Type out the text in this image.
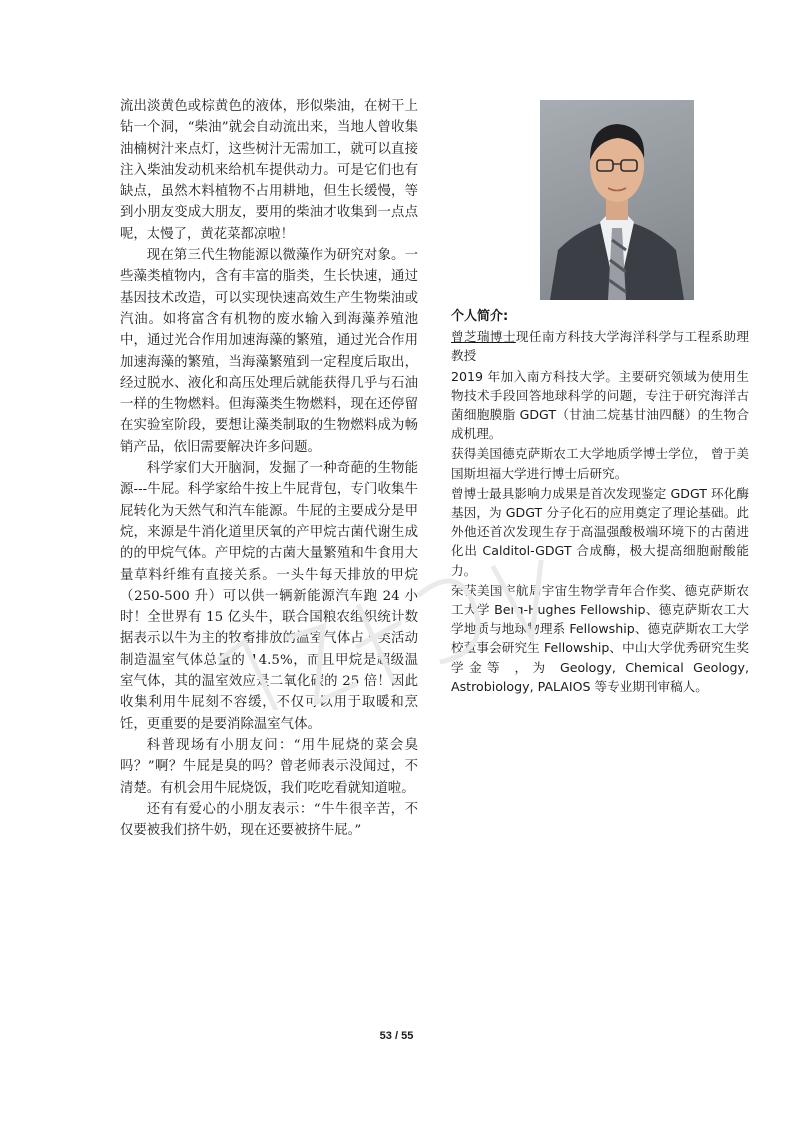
流出淡黄色或棕黄色的液体，形似柴油，在树干上钻一个洞，“柴油”就会自动流出来，当地人曾收集油楠树汁来点灯，这些树汁无需加工，就可以直接注入柴油发动机来给机车提供动力。可是它们也有缺点，虽然木料植物不占用耕地，但生长缓慢，等到小朋友变成大朋友，要用的柴油才收集到一点点呢，太慢了，黄花菜都凉啦！

现在第三代生物能源以微藻作为研究对象。一些藻类植物内，含有丰富的脂类，生长快速，通过基因技术改造，可以实现快速高效生产生物柴油或汽油。如将富含有机物的废水输入到海藻养殖池中，通过光合作用加速海藻的繁殖，通过光合作用加速海藻的繁殖，当海藻繁殖到一定程度后取出，经过脱水、液化和高压处理后就能获得几乎与石油一样的生物燃料。但海藻类生物燃料，现在还停留在实验室阶段，要想让藻类制取的生物燃料成为畅销产品，依旧需要解决许多问题。

科学家们大开脑洞，发掘了一种奇葩的生物能源---牛屁。科学家给牛按上牛屁背包，专门收集牛屁转化为天然气和汽车能源。牛屁的主要成分是甲烷，来源是牛消化道里厌氧的产甲烷古菌代谢生成的的甲烷气体。产甲烷的古菌大量繁殖和牛食用大量草料纤维有直接关系。一头牛每天排放的甲烷（250-500 升）可以供一辆新能源汽车跑 24 小时！全世界有 15 亿头牛，联合国粮农组织统计数据表示以牛为主的牧畜排放的温室气体占人类活动制造温室气体总量的 14.5%，而且甲烷是超级温室气体，其的温室效应是二氧化碳的 25 倍！因此收集利用牛屁刻不容缓，不仅可以用于取暖和烹饪，更重要的是要消除温室气体。

科普现场有小朋友问：“用牛屁烧的菜会臭吗？”啊？牛屁是臭的吗？曾老师表示没闻过，不清楚。有机会用牛屁烧饭，我们吃吃看就知道啦。

还有有爱心的小朋友表示：“牛牛很辛苦，不仅要被我们挤牛奶，现在还要被挤牛屁。”

个人简介:

曾芝瑞博士现任南方科技大学海洋科学与工程系助理教授

2019 年加入南方科技大学。主要研究领域为使用生物技术手段回答地球科学的问题，专注于研究海洋古菌细胞膜脂 GDGT（甘油二烷基甘油四醚）的生物合成机理。

获得美国德克萨斯农工大学地质学博士学位， 曾于美国斯坦福大学进行博士后研究。

曾博士最具影响力成果是首次发现鉴定 GDGT 环化酶基因，为 GDGT 分子化石的应用奠定了理论基础。此外他还首次发现生存于高温强酸极端环境下的古菌进化出 Calditol-GDGT 合成酶，极大提高细胞耐酸能力。

荣获美国宇航局宇宙生物学青年合作奖、德克萨斯农工大学 Berg-Hughes Fellowship、德克萨斯农工大学地质与地球物理系 Fellowship、德克萨斯农工大学校董事会研究生 Fellowship、中山大学优秀研究生奖学金等 ，为 Geology, Chemical Geology, Astrobiology, PALAIOS 等专业期刊审稿人。

53 / 55
